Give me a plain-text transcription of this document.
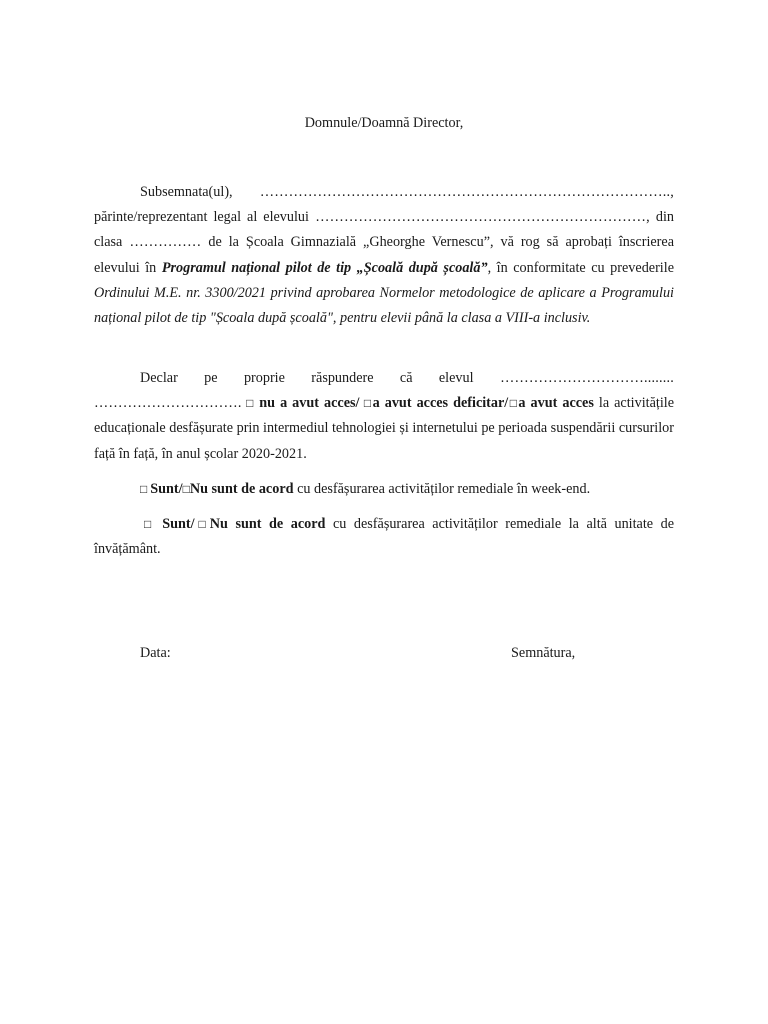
Domnule/Doamnă Director,
Subsemnata(ul), ………………………………………………………………………….., părinte/reprezentant legal al elevului ……………………………………………………………, din clasa …………… de la Școala Gimnazială „Gheorghe Vernescu”, vă rog să aprobați înscrierea elevului în Programul național pilot de tip „Școală după școală”, în conformitate cu prevederile Ordinului M.E. nr. 3300/2021 privind aprobarea Normelor metodologice de aplicare a Programului național pilot de tip "Școala după școală", pentru elevii până la clasa a VIII-a inclusiv.
Declar pe proprie răspundere că elevul …………………………........ …………………………. □ nu a avut acces/ □a avut acces deficitar/□a avut acces la activitățile educaționale desfășurate prin intermediul tehnologiei și internetului pe perioada suspendării cursurilor față în față, în anul școlar 2020-2021.
□ Sunt/□Nu sunt de acord cu desfășurarea activităților remediale în week-end.
□ Sunt/□Nu sunt de acord cu desfășurarea activităților remediale la altă unitate de învățământ.
Data:	Semnătura,
